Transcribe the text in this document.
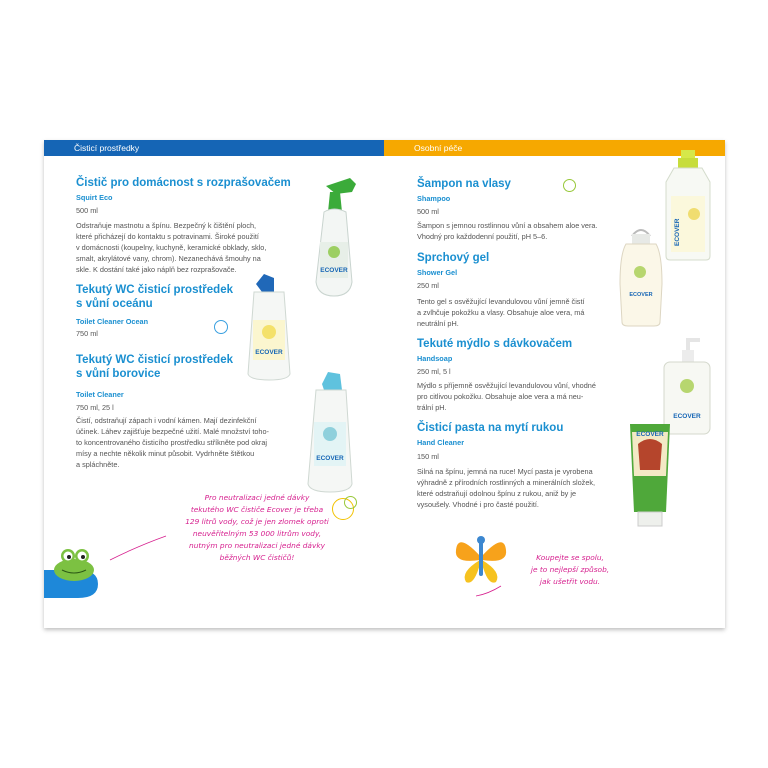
Čisticí prostředky	Osobní péče
Čistič pro domácnost s rozprašovačem
Squirt Eco
500 ml
Odstraňuje mastnotu a špínu. Bezpečný k čištění ploch,
které přicházejí do kontaktu s potravinami. Široké použití
v domácnosti (koupelny, kuchyně, keramické obklady, sklo,
smalt, akrylátové vany, chrom). Nezanechává šmouhy na
skle. K dostání také jako náplň bez rozprašovače.
Tekutý WC čisticí prostředek
s vůní oceánu
Toilet Cleaner Ocean
750 ml
Tekutý WC čisticí prostředek
s vůní borovice
Toilet Cleaner
750 ml, 25 l
Čistí, odstraňují zápach i vodní kámen. Mají dezinfekční
účinek. Láhev zajišťuje bezpečné užití. Malé množství toho-
to koncentrovaného čisticího prostředku stříkněte pod okraj
mísy a nechte několik minut působit. Vydrhněte štětkou
a spláchněte.
ECOVER
ECOVER
ECOVER
Pro neutralizaci jedné dávky
tekutého WC čističe Ecover je třeba
129 litrů vody, což je jen zlomek oproti
neuvěřitelným 53 000 litrům vody,
nutným pro neutralizaci jedné dávky
běžných WC čističů!
Šampon na vlasy
Shampoo
500 ml
Šampon s jemnou rostlinnou vůní a obsahem aloe vera.
Vhodný pro každodenní použití, pH 5–6.
Sprchový gel
Shower Gel
250 ml
Tento gel s osvěžující levandulovou vůní jemně čistí
a zvlhčuje pokožku a vlasy. Obsahuje aloe vera, má
neutrální pH.
Tekuté mýdlo s dávkovačem
Handsoap
250 ml, 5 l
Mýdlo s příjemně osvěžující levandulovou vůní, vhodné
pro citlivou pokožku. Obsahuje aloe vera a má neu-
trální pH.
Čisticí pasta na mytí rukou
Hand Cleaner
150 ml
Silná na špínu, jemná na ruce! Mycí pasta je vyrobena
výhradně z přírodních rostlinných a minerálních složek,
které odstraňují odolnou špínu z rukou, aniž by je
vysoušely. Vhodné i pro časté použití.
ECOVER
ECOVER
ECOVER
ECOVER
Koupejte se spolu,
je to nejlepší způsob,
jak ušetřit vodu.
